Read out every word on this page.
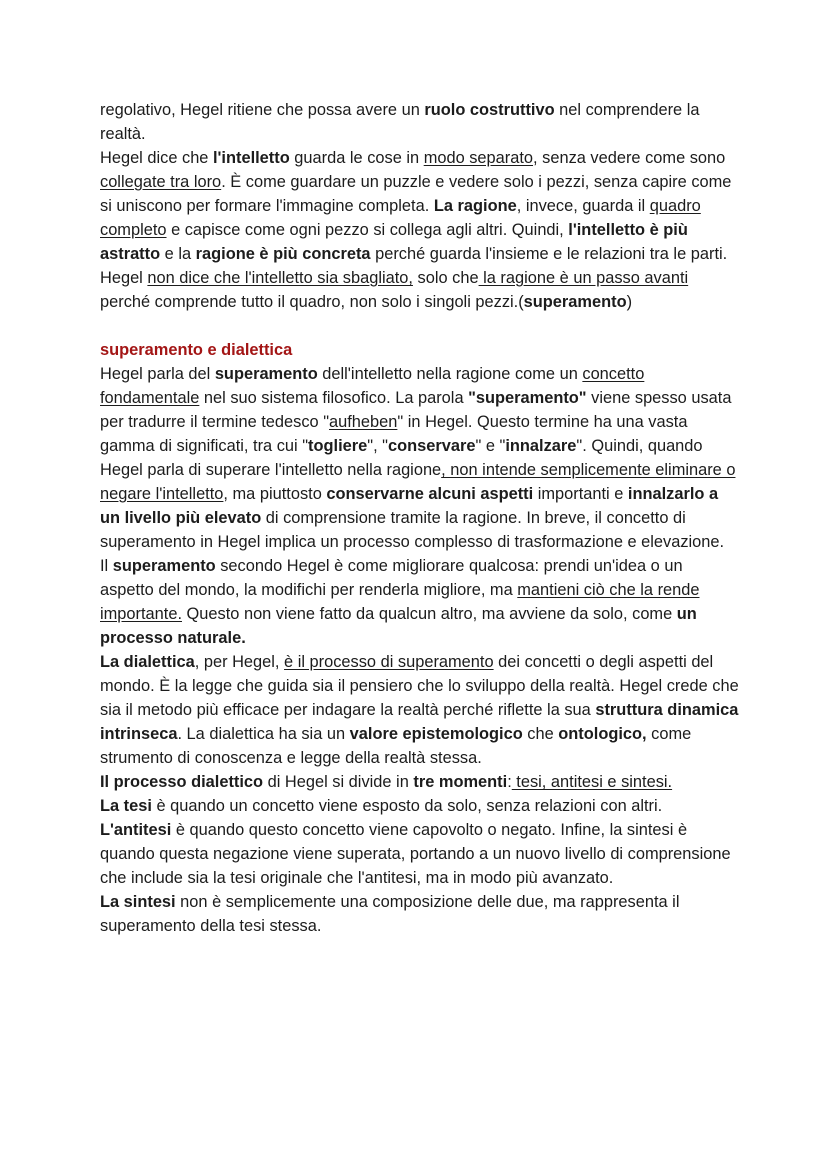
regolativo, Hegel ritiene che possa avere un ruolo costruttivo nel comprendere la realtà.

Hegel dice che l'intelletto guarda le cose in modo separato, senza vedere come sono collegate tra loro. È come guardare un puzzle e vedere solo i pezzi, senza capire come si uniscono per formare l'immagine completa. La ragione, invece, guarda il quadro completo e capisce come ogni pezzo si collega agli altri. Quindi, l'intelletto è più astratto e la ragione è più concreta perché guarda l'insieme e le relazioni tra le parti. Hegel non dice che l'intelletto sia sbagliato, solo che la ragione è un passo avanti perché comprende tutto il quadro, non solo i singoli pezzi.(superamento)

superamento e dialettica

Hegel parla del superamento dell'intelletto nella ragione come un concetto fondamentale nel suo sistema filosofico. La parola "superamento" viene spesso usata per tradurre il termine tedesco "aufheben" in Hegel. Questo termine ha una vasta gamma di significati, tra cui "togliere", "conservare" e "innalzare". Quindi, quando Hegel parla di superare l'intelletto nella ragione, non intende semplicemente eliminare o negare l'intelletto, ma piuttosto conservarne alcuni aspetti importanti e innalzarlo a un livello più elevato di comprensione tramite la ragione. In breve, il concetto di superamento in Hegel implica un processo complesso di trasformazione e elevazione.

Il superamento secondo Hegel è come migliorare qualcosa: prendi un'idea o un aspetto del mondo, la modifichi per renderla migliore, ma mantieni ciò che la rende importante. Questo non viene fatto da qualcun altro, ma avviene da solo, come un processo naturale.

La dialettica, per Hegel, è il processo di superamento dei concetti o degli aspetti del mondo. È la legge che guida sia il pensiero che lo sviluppo della realtà. Hegel crede che sia il metodo più efficace per indagare la realtà perché riflette la sua struttura dinamica intrinseca. La dialettica ha sia un valore epistemologico che ontologico, come strumento di conoscenza e legge della realtà stessa.

Il processo dialettico di Hegel si divide in tre momenti: tesi, antitesi e sintesi.

La tesi è quando un concetto viene esposto da solo, senza relazioni con altri.

L'antitesi è quando questo concetto viene capovolto o negato. Infine, la sintesi è quando questa negazione viene superata, portando a un nuovo livello di comprensione che include sia la tesi originale che l'antitesi, ma in modo più avanzato.

La sintesi non è semplicemente una composizione delle due, ma rappresenta il superamento della tesi stessa.
